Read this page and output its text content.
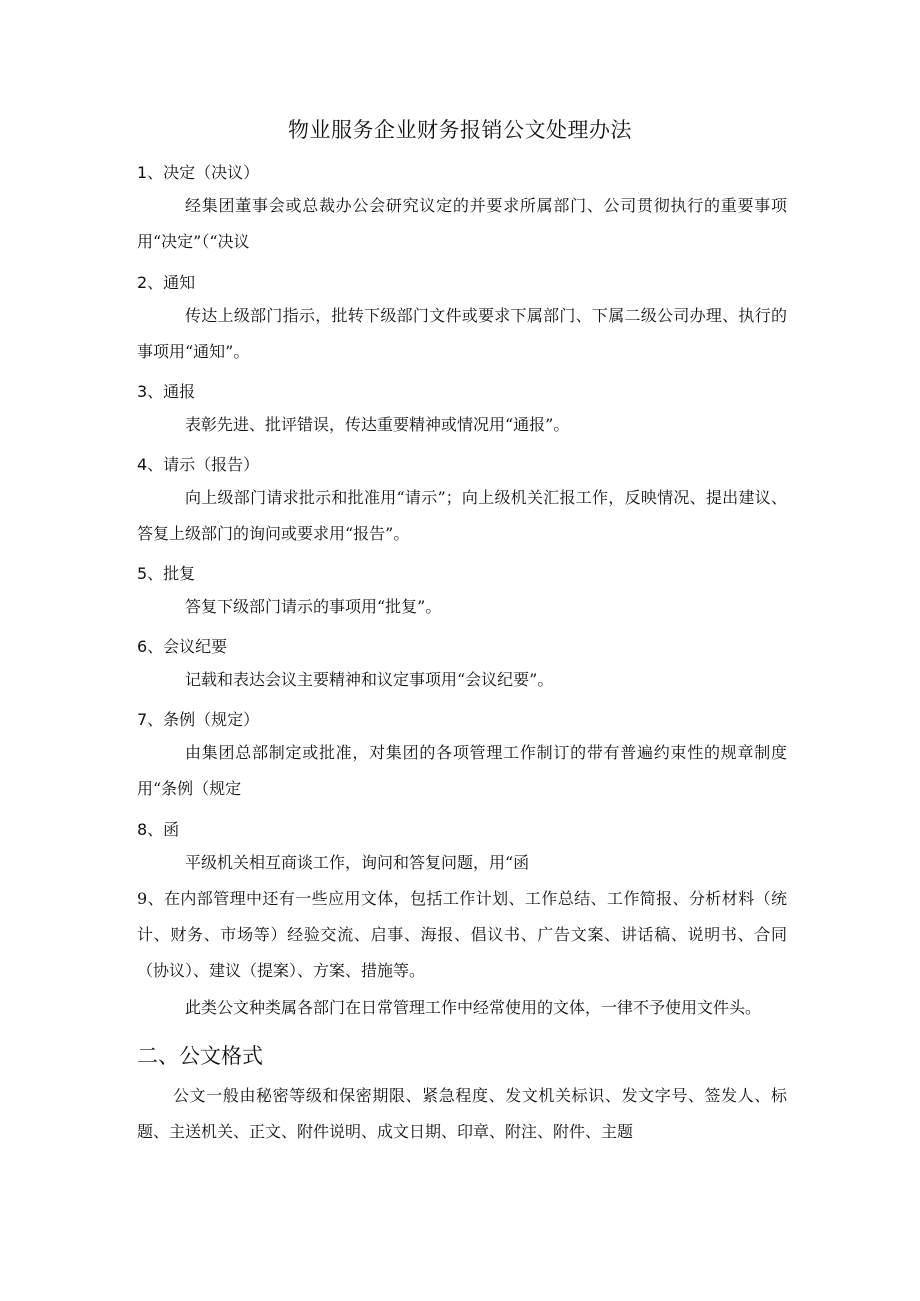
物业服务企业财务报销公文处理办法
1、决定（决议）
经集团董事会或总裁办公会研究议定的并要求所属部门、公司贯彻执行的重要事项用“决定”（“决议
2、通知
传达上级部门指示，批转下级部门文件或要求下属部门、下属二级公司办理、执行的事项用“通知”。
3、通报
表彰先进、批评错误，传达重要精神或情况用“通报”。
4、请示（报告）
向上级部门请求批示和批准用“请示”；向上级机关汇报工作，反映情况、提出建议、答复上级部门的询问或要求用“报告”。
5、批复
答复下级部门请示的事项用“批复”。
6、会议纪要
记载和表达会议主要精神和议定事项用“会议纪要”。
7、条例（规定）
由集团总部制定或批准，对集团的各项管理工作制订的带有普遍约束性的规章制度用“条例（规定
8、函
平级机关相互商谈工作，询问和答复问题，用“函
9、在内部管理中还有一些应用文体，包括工作计划、工作总结、工作简报、分析材料（统计、财务、市场等）经验交流、启事、海报、倡议书、广告文案、讲话稿、说明书、合同（协议）、建议（提案）、方案、措施等。
此类公文种类属各部门在日常管理工作中经常使用的文体，一律不予使用文件头。
二、公文格式
公文一般由秘密等级和保密期限、紧急程度、发文机关标识、发文字号、签发人、标题、主送机关、正文、附件说明、成文日期、印章、附注、附件、主题
